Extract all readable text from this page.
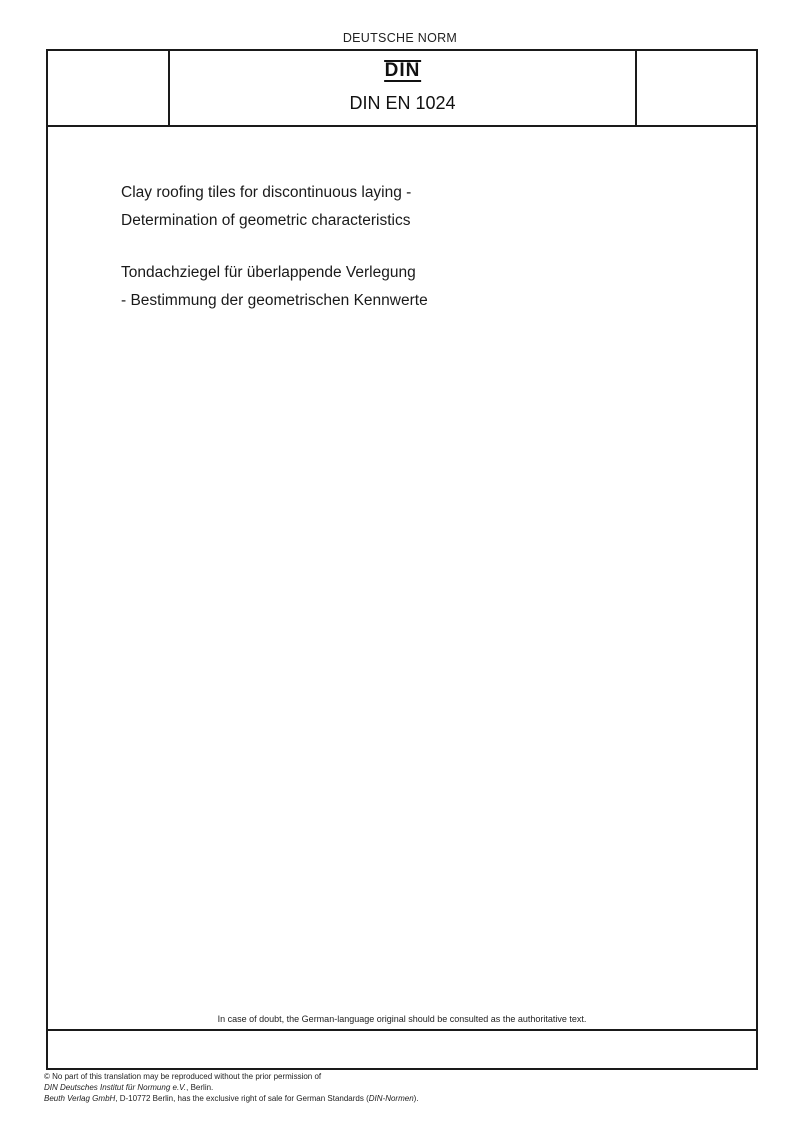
DEUTSCHE NORM
DIN
DIN EN 1024
Clay roofing tiles for discontinuous laying -
Determination of geometric characteristics
Tondachziegel für überlappende Verlegung
- Bestimmung der geometrischen Kennwerte
In case of doubt, the German-language original should be consulted as the authoritative text.
© No part of this translation may be reproduced without the prior permission of
DIN Deutsches Institut für Normung e.V., Berlin.
Beuth Verlag GmbH, D-10772 Berlin, has the exclusive right of sale for German Standards (DIN-Normen).
